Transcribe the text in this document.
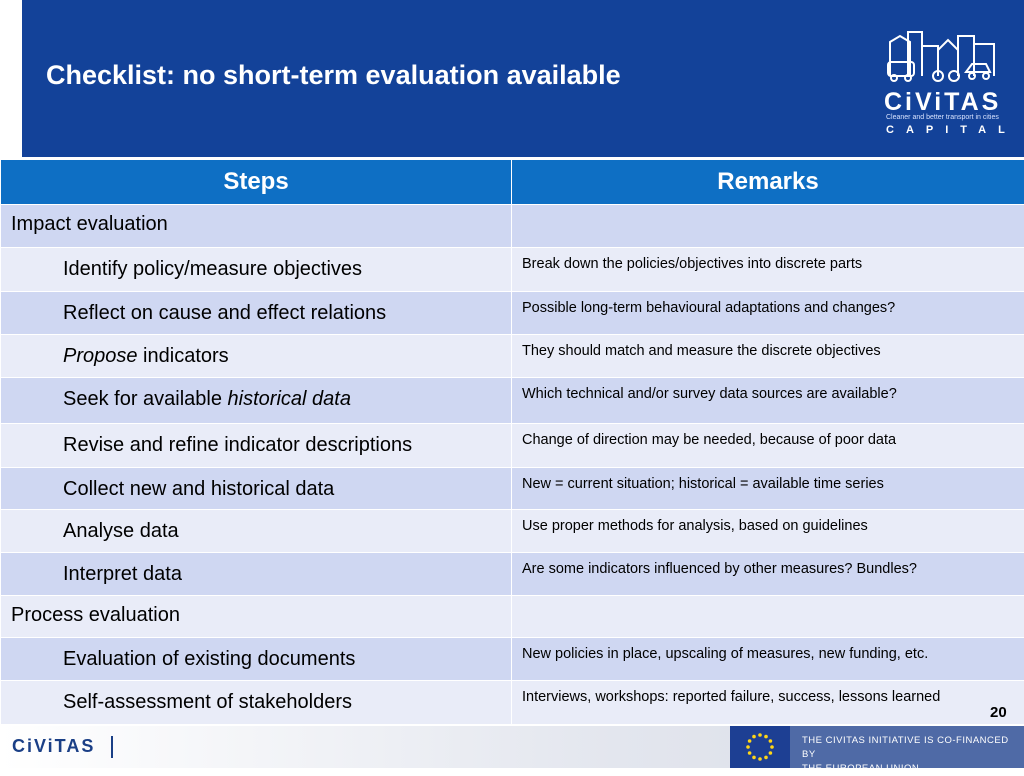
Checklist: no short-term evaluation available
CiViTAS
Cleaner and better transport in cities
CAPITAL
Steps	Remarks
Impact evaluation	
Identify policy/measure objectives	Break down the policies/objectives into discrete parts
Reflect on cause and effect relations	Possible long-term behavioural adaptations and changes?
Propose indicators	They should match and measure the discrete objectives
Seek for available historical data	Which technical and/or survey data sources are available?
Revise and refine indicator descriptions	Change of direction may be needed, because of poor data
Collect new and historical data	New = current situation; historical = available time series
Analyse data	Use proper methods for analysis, based on guidelines
Interpret data	Are some indicators influenced by other measures? Bundles?
Process evaluation	
Evaluation of existing documents	New policies in place, upscaling of measures, new funding, etc.
Self-assessment of stakeholders	Interviews, workshops: reported failure, success, lessons learned
20
CiViTAS	THE CIVITAS INITIATIVE IS CO-FINANCED BY
THE EUROPEAN UNION
